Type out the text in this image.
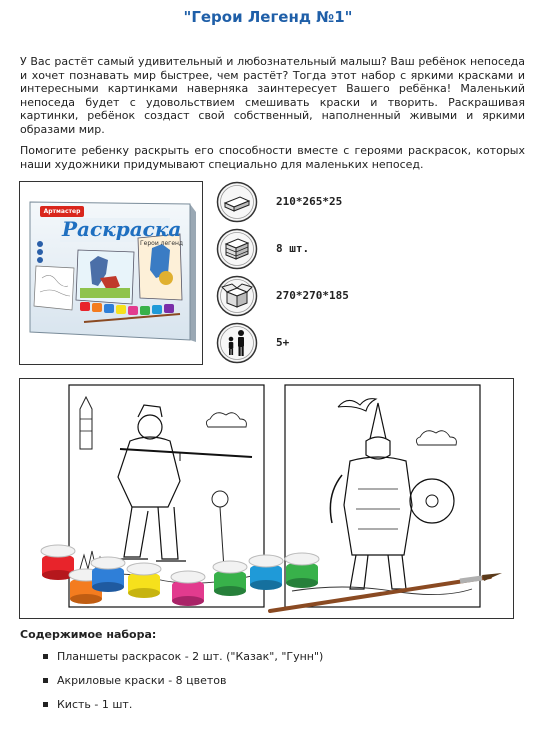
"Герои Легенд №1"

У Вас растёт самый удивительный и любознательный малыш? Ваш ребёнок непоседа и хочет познавать мир быстрее, чем растёт? Тогда этот набор с яркими красками и интересными картинками наверняка заинтересует Вашего ребёнка! Маленький непоседа будет с удовольствием смешивать краски и творить. Раскрашивая картинки, ребёнок создаст свой собственный, наполненный живыми и яркими образами мир.

Помогите ребенку раскрыть его способности вместе с героями раскрасок, которых наши художники придумывают специально для маленьких непосед.

Артмастер
Раскраска
Герои легенд
210*265*25
8 шт.
270*270*185
5+
Содержимое набора:
Планшеты раскрасок - 2 шт. ("Казак", "Гунн")
Акриловые краски - 8 цветов
Кисть - 1 шт.
